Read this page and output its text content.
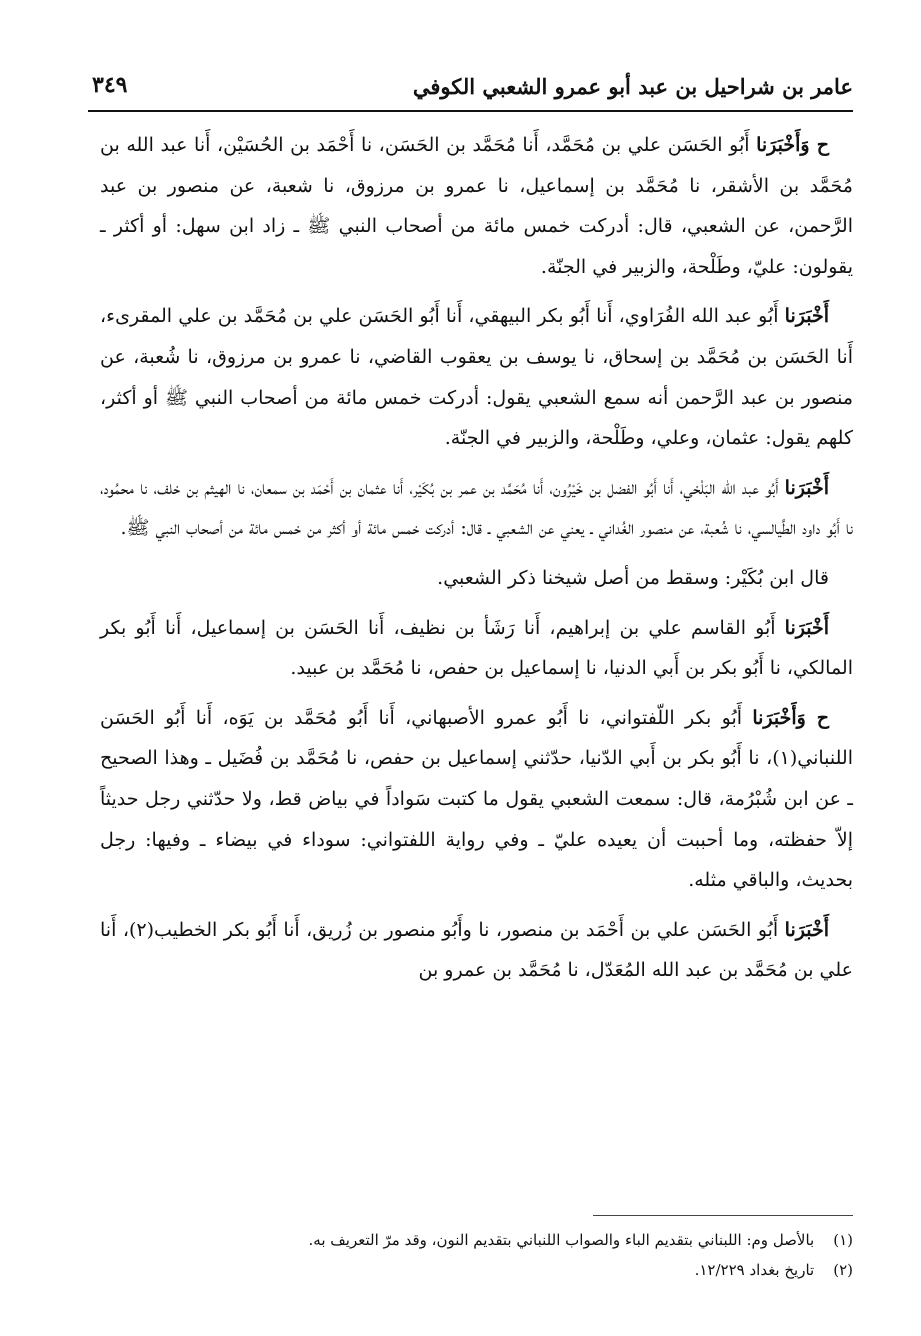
عامر بن شراحيل بن عبد أبو عمرو الشعبي الكوفي
٣٤٩

ح وَأَخْبَرَنا أَبُو الحَسَن علي بن مُحَمَّد، أَنا مُحَمَّد بن الحَسَن، نا أَحْمَد بن الحُسَيْن، أَنا عبد الله بن مُحَمَّد بن الأشقر، نا مُحَمَّد بن إسماعيل، نا عمرو بن مرزوق، نا شعبة، عن منصور بن عبد الرَّحمن، عن الشعبي، قال: أدركت خمس مائة من أصحاب النبي ﷺ ـ زاد ابن سهل: أو أكثر ـ يقولون: عليّ، وطَلْحة، والزبير في الجنّة.

أَخْبَرَنا أَبُو عبد الله الفُرَاوي، أَنا أَبُو بكر البيهقي، أَنا أَبُو الحَسَن علي بن مُحَمَّد بن علي المقرىء، أَنا الحَسَن بن مُحَمَّد بن إسحاق، نا يوسف بن يعقوب القاضي، نا عمرو بن مرزوق، نا شُعبة، عن منصور بن عبد الرَّحمن أنه سمع الشعبي يقول: أدركت خمس مائة من أصحاب النبي ﷺ أو أكثر، كلهم يقول: عثمان، وعلي، وطَلْحة، والزبير في الجنّة.

أَخْبَرَنا أَبُو عبد الله البَلْخي، أَنا أَبُو الفضل بن خَيْرُون، أَنا مُحَمَّد بن عمر بن بُكَيْر، أَنا عثمان بن أَحْمَد بن سمعان، نا الهيثم بن خلف، نا محمُود، نا أَبُو داود الطَّيالسي، نا شُعبة، عن منصور الغُداني ـ يعني عن الشعبي ـ قال: أدركت خمس مائة أو أكثر من خمس مائة من أصحاب النبي ﷺ.

قال ابن بُكَيْر: وسقط من أصل شيخنا ذكر الشعبي.

أَخْبَرَنا أَبُو القاسم علي بن إبراهيم، أَنا رَشَأ بن نظيف، أَنا الحَسَن بن إسماعيل، أَنا أَبُو بكر المالكي، نا أَبُو بكر بن أَبي الدنيا، نا إسماعيل بن حفص، نا مُحَمَّد بن عبيد.

ح وَأَخْبَرَنا أَبُو بكر اللّفتواني، نا أَبُو عمرو الأصبهاني، أَنا أَبُو مُحَمَّد بن يَوَه، أَنا أَبُو الحَسَن اللنباني(١)، نا أَبُو بكر بن أَبي الدّنيا، حدّثني إسماعيل بن حفص، نا مُحَمَّد بن فُضَيل ـ وهذا الصحيح ـ عن ابن شُبْرُمة، قال: سمعت الشعبي يقول ما كتبت سَواداً في بياض قط، ولا حدّثني رجل حديثاً إلاّ حفظته، وما أحببت أن يعيده عليّ ـ وفي رواية اللفتواني: سوداء في بيضاء ـ وفيها: رجل بحديث، والباقي مثله.

أَخْبَرَنا أَبُو الحَسَن علي بن أَحْمَد بن منصور، نا وأَبُو منصور بن زُريق، أَنا أَبُو بكر الخطيب(٢)، أَنا علي بن مُحَمَّد بن عبد الله المُعَدّل، نا مُحَمَّد بن عمرو بن

(١) بالأصل وم: اللبناني بتقديم الباء والصواب اللنباني بتقديم النون، وقد مرّ التعريف به.

(٢) تاريخ بغداد ١٢/٢٢٩.
